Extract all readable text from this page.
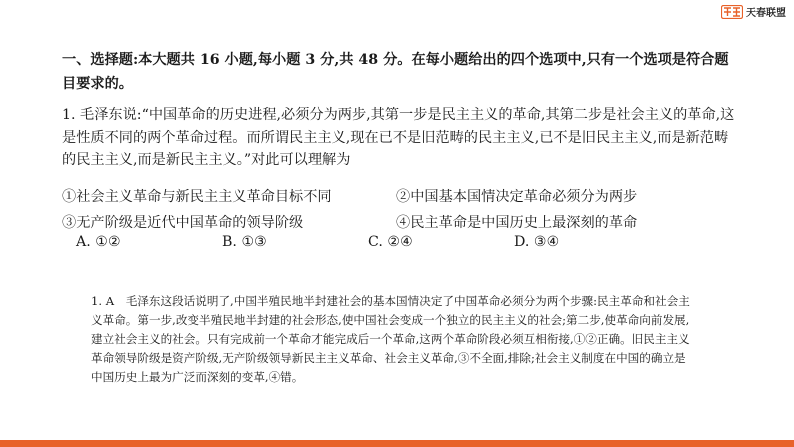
天春联盟
一、选择题:本大题共 16 小题,每小题 3 分,共 48 分。在每小题给出的四个选项中,只有一个选项是符合题目要求的。
1. 毛泽东说:“中国革命的历史进程,必须分为两步,其第一步是民主主义的革命,其第二步是社会主义的革命,这是性质不同的两个革命过程。而所谓民主主义,现在已不是旧范畴的民主主义,已不是旧民主主义,而是新范畴的民主主义,而是新民主主义。”对此可以理解为
①社会主义革命与新民主主义革命目标不同	②中国基本国情决定革命必须分为两步
③无产阶级是近代中国革命的领导阶级	④民主革命是中国历史上最深刻的革命
A. ①②	B. ①③	C. ②④	D. ③④
1. A　毛泽东这段话说明了,中国半殖民地半封建社会的基本国情决定了中国革命必须分为两个步骤:民主革命和社会主义革命。第一步,改变半殖民地半封建的社会形态,使中国社会变成一个独立的民主主义的社会;第二步,使革命向前发展,建立社会主义的社会。只有完成前一个革命才能完成后一个革命,这两个革命阶段必须互相衔接,①②正确。旧民主主义革命领导阶级是资产阶级,无产阶级领导新民主主义革命、社会主义革命,③不全面,排除;社会主义制度在中国的确立是中国历史上最为广泛而深刻的变革,④错。
